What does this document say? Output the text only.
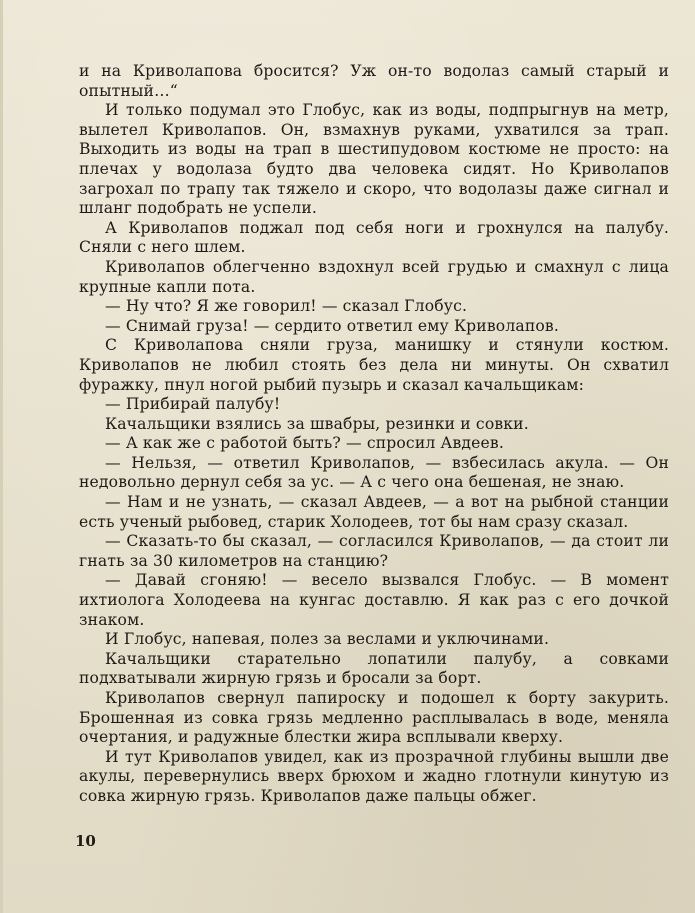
и на Криволапова бросится? Уж он-то водолаз самый старый и опытный…“

И только подумал это Глобус, как из воды, подпрыгнув на метр, вылетел Криволапов. Он, взмахнув руками, ухватился за трап. Выходить из воды на трап в шестипудовом костюме не просто: на плечах у водолаза будто два человека сидят. Но Криволапов загрохал по трапу так тяжело и скоро, что водолазы даже сигнал и шланг подобрать не успели.

А Криволапов поджал под себя ноги и грохнулся на палубу. Сняли с него шлем.

Криволапов облегченно вздохнул всей грудью и смахнул с лица крупные капли пота.

— Ну что? Я же говорил! — сказал Глобус.

— Снимай груза! — сердито ответил ему Криволапов.

С Криволапова сняли груза, манишку и стянули костюм. Криволапов не любил стоять без дела ни минуты. Он схватил фуражку, пнул ногой рыбий пузырь и сказал качальщикам:

— Прибирай палубу!

Качальщики взялись за швабры, резинки и совки.

— А как же с работой быть? — спросил Авдеев.

— Нельзя, — ответил Криволапов, — взбесилась акула. — Он недовольно дернул себя за ус. — А с чего она бешеная, не знаю.

— Нам и не узнать, — сказал Авдеев, — а вот на рыбной станции есть ученый рыбовед, старик Холодеев, тот бы нам сразу сказал.

— Сказать-то бы сказал, — согласился Криволапов, — да стоит ли гнать за 30 километров на станцию?

— Давай сгоняю! — весело вызвался Глобус. — В момент ихтиолога Холодеева на кунгас доставлю. Я как раз с его дочкой знаком.

И Глобус, напевая, полез за веслами и уключинами.

Качальщики старательно лопатили палубу, а совками подхватывали жирную грязь и бросали за борт.

Криволапов свернул папироску и подошел к борту закурить. Брошенная из совка грязь медленно расплывалась в воде, меняла очертания, и радужные блестки жира всплывали кверху.

И тут Криволапов увидел, как из прозрачной глубины вышли две акулы, перевернулись вверх брюхом и жадно глотнули кинутую из совка жирную грязь. Криволапов даже пальцы обжег.

10
